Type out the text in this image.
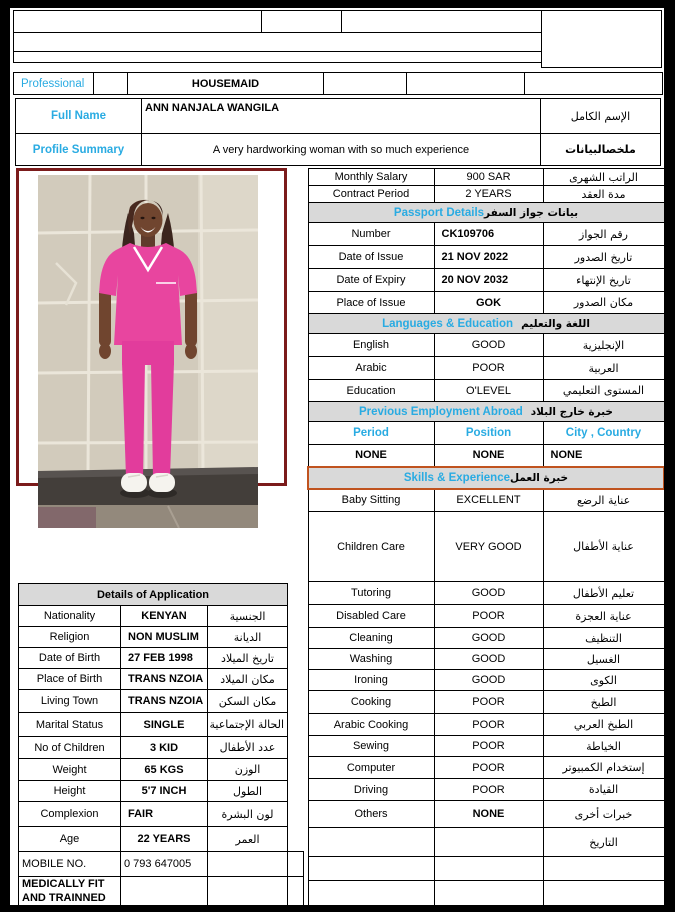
Professional		HOUSEMAID			
Full Name	ANN NANJALA WANGILA	الإسم الكامل
Profile Summary	A very hardworking woman with so much experience	ملخصالبيانات
Details of Application		
Nationality	KENYAN	الجنسية
Religion	NON MUSLIM	الديانة
Date of Birth	27 FEB 1998	تاريخ الميلاد
Place of Birth	TRANS NZOIA	مكان الميلاد
Living Town	TRANS NZOIA	مكان السكن
Marital Status	SINGLE	الحالة الإجتماعية
No of Children	3 KID	عدد الأطفال
Weight	65 KGS	الوزن
Height	5'7 INCH	الطول
Complexion	FAIR	لون البشرة
Age	22 YEARS	العمر
MOBILE NO.	0 793 647005	
MEDICALLY FIT AND TRAINNED		
Monthly Salary	900 SAR	الراتب الشهرى
Contract Period	2 YEARS	مدة العقد
Passport Detailsبيانات جواز السفر		
Number	CK109706	رقم الجواز
Date of Issue	21 NOV 2022	تاريخ الصدور
Date of Expiry	20 NOV 2032	تاريخ الإنتهاء
Place of Issue	GOK	مكان الصدور
Languages & Education اللغة والتعليم		
English	GOOD	الإنجليزية
Arabic	POOR	العربية
Education	O'LEVEL	المستوى التعليمي
Previous Employment Abroad خبرة خارج البلاد		
Period	Position	City , Country
NONE	NONE	NONE
Skills & Experienceخبرة العمل		
Baby Sitting	EXCELLENT	عناية الرضع
Children Care	VERY GOOD	عناية الأطفال
Tutoring	GOOD	تعليم الأطفال
Disabled Care	POOR	عناية العجزة
Cleaning	GOOD	التنظيف
Washing	GOOD	الغسيل
Ironing	GOOD	الكوى
Cooking	POOR	الطبخ
Arabic Cooking	POOR	الطبخ العربي
Sewing	POOR	الخياطة
Computer	POOR	إستخدام الكمبيوتر
Driving	POOR	القيادة
Others	NONE	خبرات أخرى
		التاريخ
